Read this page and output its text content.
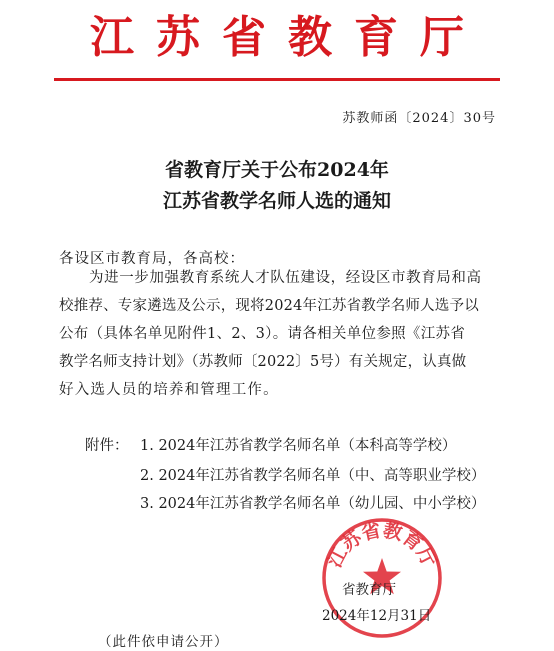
江苏省教育厅
苏教师函〔2024〕30号
省教育厅关于公布2024年
江苏省教学名师人选的通知
各设区市教育局，各高校：
为进一步加强教育系统人才队伍建设，经设区市教育局和高
校推荐、专家遴选及公示，现将2024年江苏省教学名师人选予以
公布（具体名单见附件1、2、3）。请各相关单位参照《江苏省
教学名师支持计划》（苏教师〔2022〕5号）有关规定，认真做
好入选人员的培养和管理工作。
附件： 1. 2024年江苏省教学名师名单（本科高等学校）
2. 2024年江苏省教学名师名单（中、高等职业学校）
3. 2024年江苏省教学名师名单（幼儿园、中小学校）
江苏省教育厅
省教育厅
2024年12月31日
（此件依申请公开）
